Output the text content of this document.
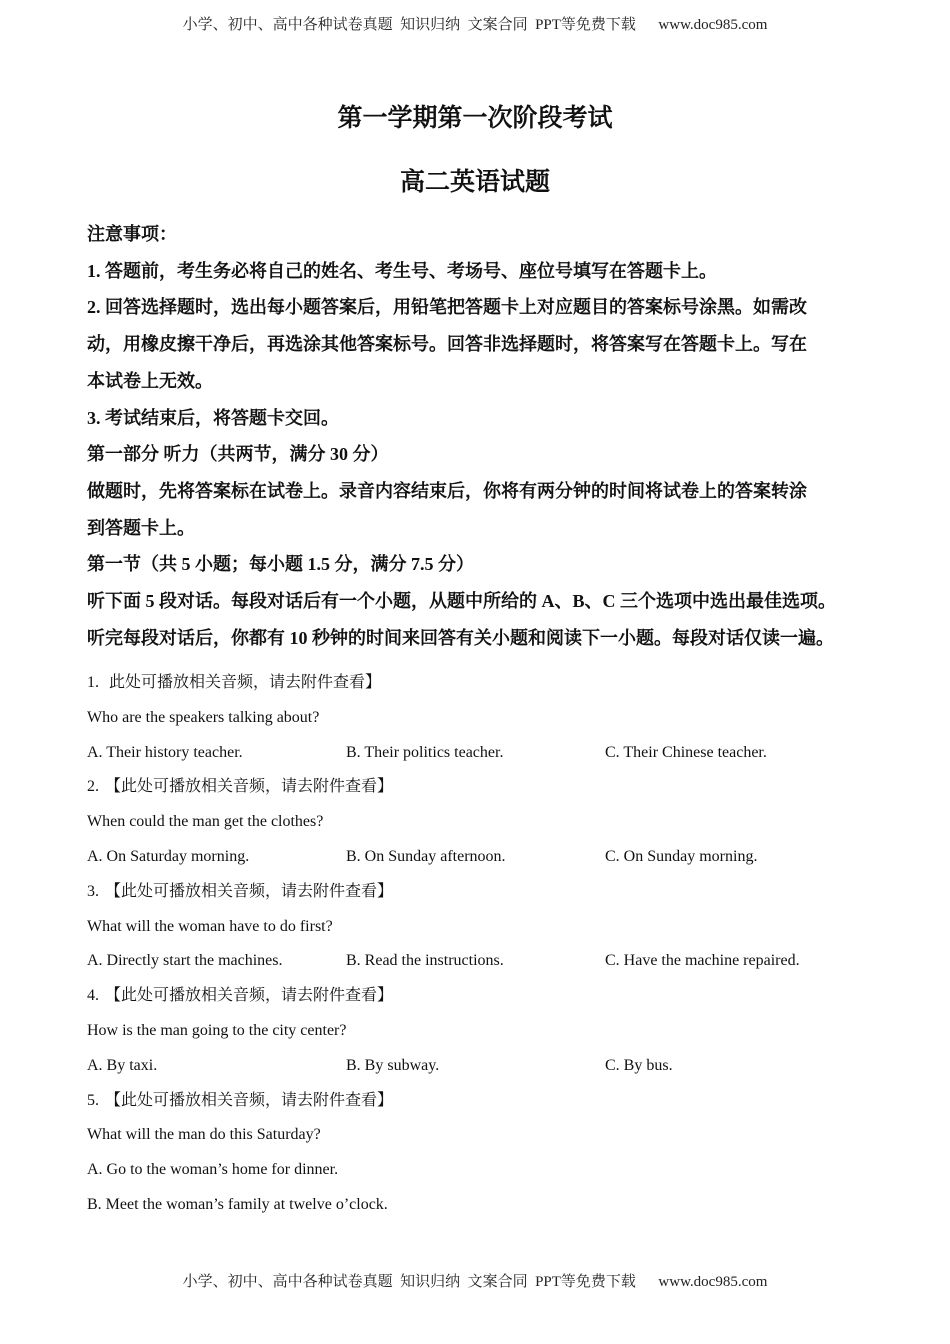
小学、初中、高中各种试卷真题  知识归纳  文案合同  PPT等免费下载      www.doc985.com
第一学期第一次阶段考试
高二英语试题

注意事项：

1. 答题前，考生务必将自己的姓名、考生号、考场号、座位号填写在答题卡上。

2. 回答选择题时，选出每小题答案后，用铅笔把答题卡上对应题目的答案标号涂黑。如需改

动，用橡皮擦干净后，再选涂其他答案标号。回答非选择题时，将答案写在答题卡上。写在

本试卷上无效。

3. 考试结束后，将答题卡交回。

第一部分 听力（共两节，满分 30 分）

做题时，先将答案标在试卷上。录音内容结束后，你将有两分钟的时间将试卷上的答案转涂

到答题卡上。

第一节（共 5 小题；每小题 1.5 分，满分 7.5 分）

听下面 5 段对话。每段对话后有一个小题，从题中所给的 A、B、C 三个选项中选出最佳选项。

听完每段对话后，你都有 10 秒钟的时间来回答有关小题和阅读下一小题。每段对话仅读一遍。

1. 此处可播放相关音频，请去附件查看】
Who are the speakers talking about?
A. Their history teacher.	B. Their politics teacher.	C. Their Chinese teacher.
2. 【此处可播放相关音频，请去附件查看】
When could the man get the clothes?
A. On Saturday morning.	B. On Sunday afternoon.	C. On Sunday morning.
3. 【此处可播放相关音频，请去附件查看】
What will the woman have to do first?
A. Directly start the machines.	B. Read the instructions.	C. Have the machine repaired.
4. 【此处可播放相关音频，请去附件查看】
How is the man going to the city center?
A. By taxi.	B. By subway.	C. By bus.
5. 【此处可播放相关音频，请去附件查看】
What will the man do this Saturday?
A. Go to the woman’s home for dinner.
B. Meet the woman’s family at twelve o’clock.
小学、初中、高中各种试卷真题  知识归纳  文案合同  PPT等免费下载      www.doc985.com
